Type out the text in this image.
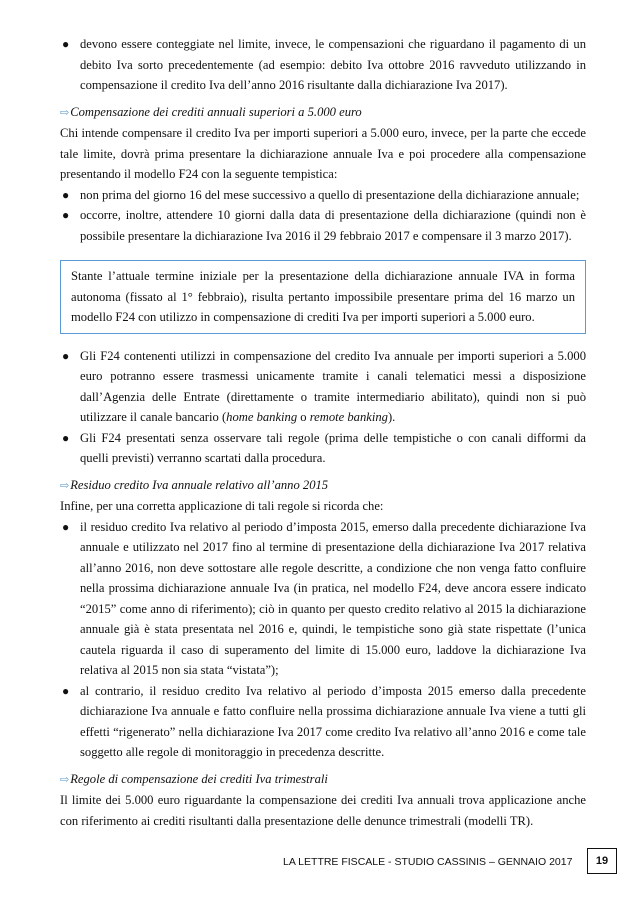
● devono essere conteggiate nel limite, invece, le compensazioni che riguardano il pagamento di un debito Iva sorto precedentemente (ad esempio: debito Iva ottobre 2016 ravveduto utilizzando in compensazione il credito Iva dell’anno 2016 risultante dalla dichiarazione Iva 2017).
⇨ Compensazione dei crediti annuali superiori a 5.000 euro

Chi intende compensare il credito Iva per importi superiori a 5.000 euro, invece, per la parte che eccede tale limite, dovrà prima presentare la dichiarazione annuale Iva e poi procedere alla compensazione presentando il modello F24 con la seguente tempistica:

● non prima del giorno 16 del mese successivo a quello di presentazione della dichiarazione annuale;
● occorre, inoltre, attendere 10 giorni dalla data di presentazione della dichiarazione (quindi non è possibile presentare la dichiarazione Iva 2016 il 29 febbraio 2017 e compensare il 3 marzo 2017).

Stante l’attuale termine iniziale per la presentazione della dichiarazione annuale IVA in forma autonoma (fissato al 1° febbraio), risulta pertanto impossibile presentare prima del 16 marzo un modello F24 con utilizzo in compensazione di crediti Iva per importi superiori a 5.000 euro.

● Gli F24 contenenti utilizzi in compensazione del credito Iva annuale per importi superiori a 5.000 euro potranno essere trasmessi unicamente tramite i canali telematici messi a disposizione dall’Agenzia delle Entrate (direttamente o tramite intermediario abilitato), quindi non si può utilizzare il canale bancario (home banking o remote banking).
● Gli F24 presentati senza osservare tali regole (prima delle tempistiche o con canali difformi da quelli previsti) verranno scartati dalla procedura.
⇨ Residuo credito Iva annuale relativo all’anno 2015

Infine, per una corretta applicazione di tali regole si ricorda che:

● il residuo credito Iva relativo al periodo d’imposta 2015, emerso dalla precedente dichiarazione Iva annuale e utilizzato nel 2017 fino al termine di presentazione della dichiarazione Iva 2017 relativa all’anno 2016, non deve sottostare alle regole descritte, a condizione che non venga fatto confluire nella prossima dichiarazione annuale Iva (in pratica, nel modello F24, deve ancora essere indicato “2015” come anno di riferimento); ciò in quanto per questo credito relativo al 2015 la dichiarazione annuale già è stata presentata nel 2016 e, quindi, le tempistiche sono già state rispettate (l’unica cautela riguarda il caso di superamento del limite di 15.000 euro, laddove la dichiarazione Iva relativa al 2015 non sia stata “vistata”);
● al contrario, il residuo credito Iva relativo al periodo d’imposta 2015 emerso dalla precedente dichiarazione Iva annuale e fatto confluire nella prossima dichiarazione annuale Iva viene a tutti gli effetti “rigenerato” nella dichiarazione Iva 2017 come credito Iva relativo all’anno 2016 e come tale soggetto alle regole di monitoraggio in precedenza descritte.
⇨ Regole di compensazione dei crediti Iva trimestrali

Il limite dei 5.000 euro riguardante la compensazione dei crediti Iva annuali trova applicazione anche con riferimento ai crediti risultanti dalla presentazione delle denunce trimestrali (modelli TR).

LA LETTRE FISCALE - STUDIO CASSINIS – GENNAIO 2017	19
